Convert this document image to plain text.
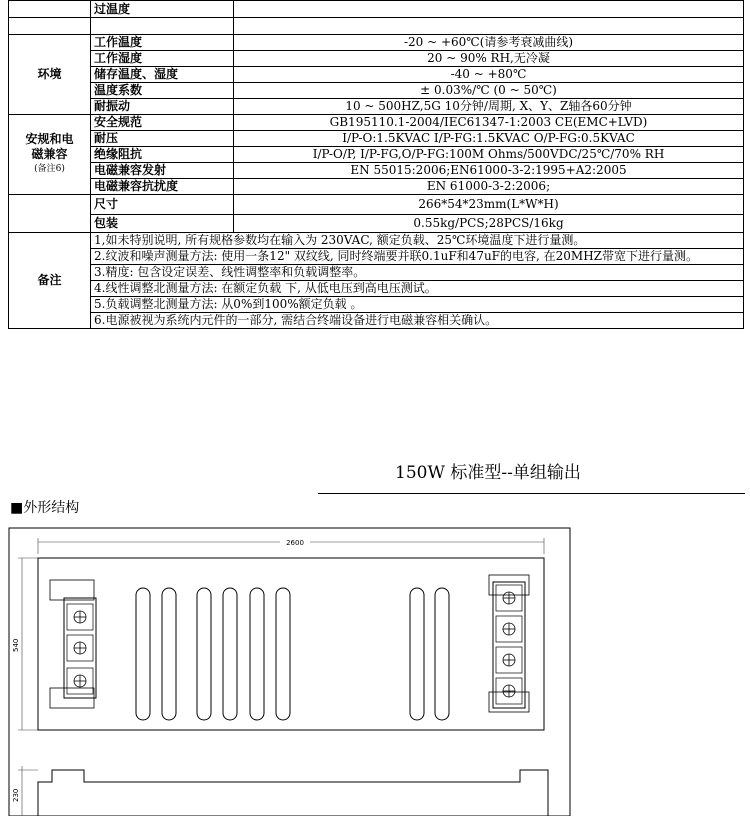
	过温度	

环境	工作温度	-20 ~ +60℃(请参考衰减曲线)
	工作湿度	20 ~ 90% RH,无冷凝
	储存温度、湿度	-40 ~ +80℃
	温度系数	± 0.03%/℃ (0 ~ 50℃)
	耐振动	10 ~ 500HZ,5G 10分钟/周期, X、Y、Z轴各60分钟

安规和电
磁兼容
(备注6)	安全规范	GB195110.1-2004/IEC61347-1:2003 CE(EMC+LVD)
	耐压	I/P-O:1.5KVAC I/P-FG:1.5KVAC O/P-FG:0.5KVAC
	绝缘阻抗	I/P-O/P, I/P-FG,O/P-FG:100M Ohms/500VDC/25℃/70% RH
	电磁兼容发射	EN 55015:2006;EN61000-3-2:1995+A2:2005
	电磁兼容抗扰度	EN 61000-3-2:2006;
	尺寸	266*54*23mm(L*W*H)
	包装	0.55kg/PCS;28PCS/16kg
备注	1,如未特别说明, 所有规格参数均在输入为 230VAC, 额定负载、25℃环境温度下进行量测。	
	2.纹波和噪声测量方法: 使用一条12" 双纹线, 同时终端要并联0.1uF和47uF的电容, 在20MHZ带宽下进行量测。	
	3.精度: 包含设定误差、线性调整率和负载调整率。	
	4.线性调整北测量方法: 在额定负载 下, 从低电压到高电压测试。	
	5.负载调整北测量方法: 从0%到100%额定负载 。	
	6.电源被视为系统内元件的一部分, 需结合终端设备进行电磁兼容相关确认。	
150W 标准型--单组输出
■外形结构
2600
540
230
